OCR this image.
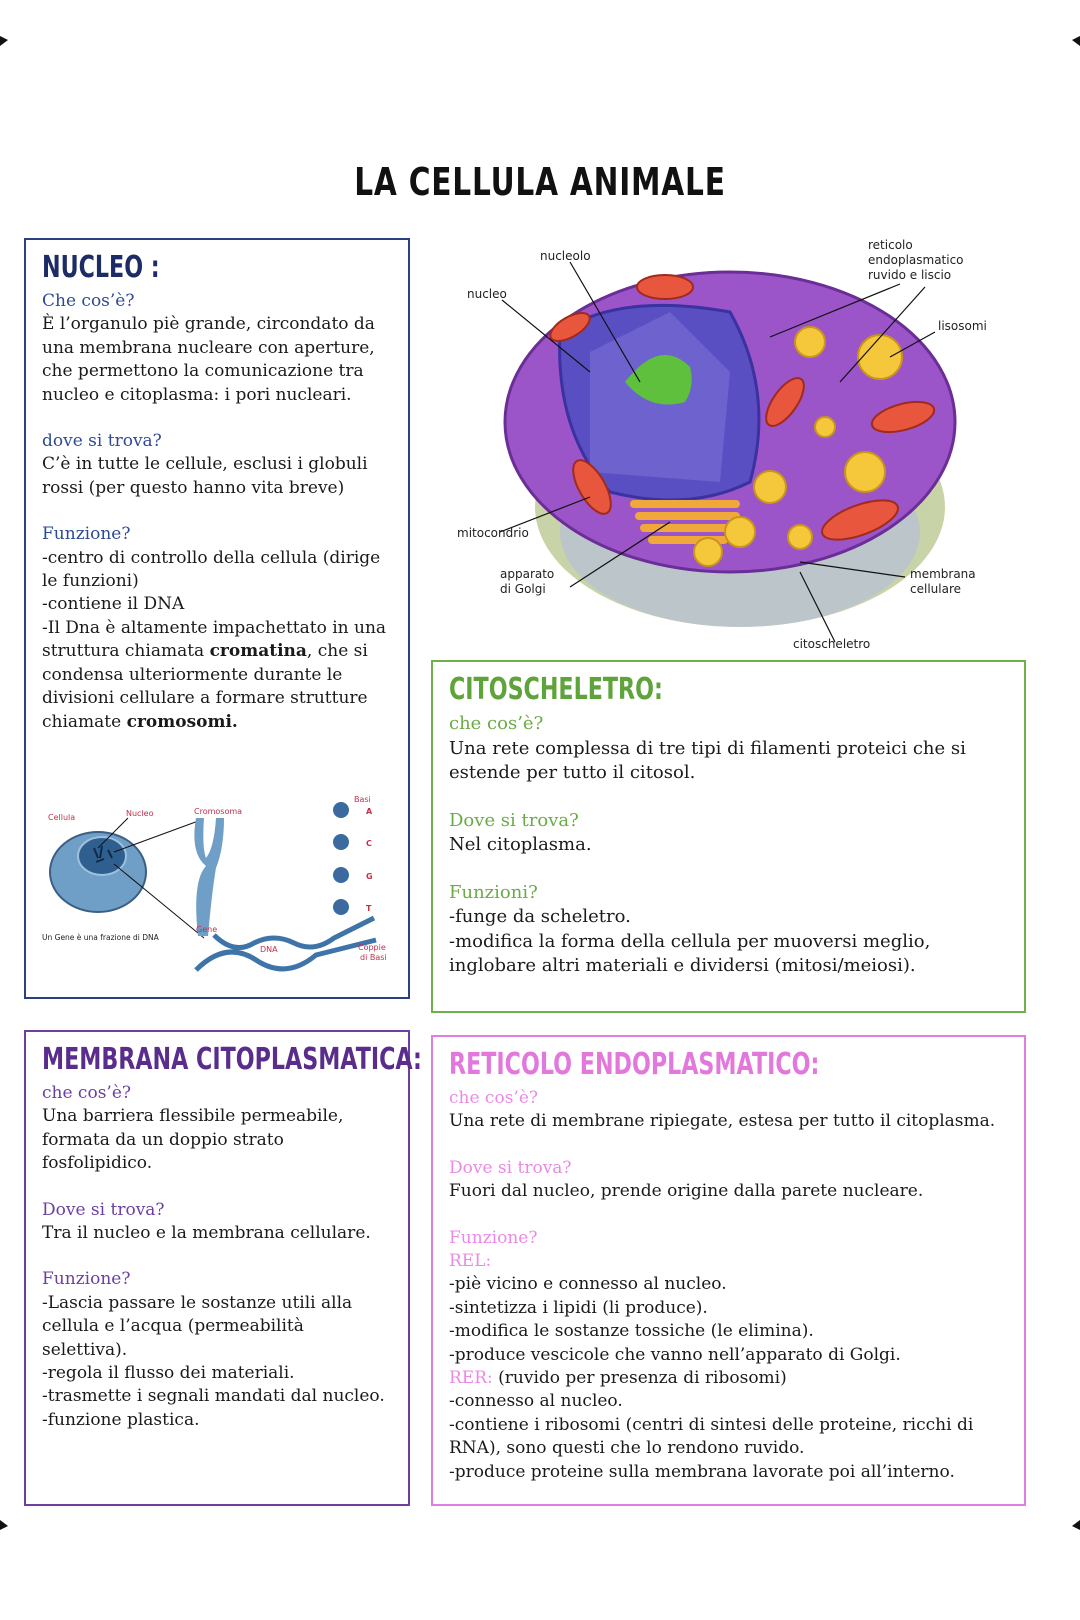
LA CELLULA ANIMALE
NUCLEO :
Che cos’è?
È l’organulo piè grande, circondato da una membrana nucleare con aperture, che permettono la comunicazione tra nucleo e citoplasma: i pori nucleari.
dove si trova?
C’è in tutte le cellule, esclusi i globuli rossi (per questo hanno vita breve)
Funzione?
-centro di controllo della cellula (dirige le funzioni)
-contiene il DNA
-Il Dna è altamente impachettato in una struttura chiamata cromatina, che si condensa ulteriormente durante le divisioni cellulare a formare strutture chiamate cromosomi.
Cellula	Nucleo	Cromosoma
Basi
A
C
G
T
Un Gene è una frazione di DNA
Gene
DNA	Coppie
di Basi
nucleolo
nucleo
reticolo
endoplasmatico
ruvido e liscio
lisosomi
mitocondrio
apparato
di Golgi
membrana
cellulare
citoscheletro
CITOSCHELETRO:
che cos’è?
Una rete complessa di tre tipi di filamenti proteici che si estende per tutto il citosol.
Dove si trova?
Nel citoplasma.
Funzioni?
-funge da scheletro.
-modifica la forma della cellula per muoversi meglio, inglobare altri materiali e dividersi (mitosi/meiosi).
MEMBRANA CITOPLASMATICA:
che cos’è?
Una barriera flessibile permeabile, formata da un doppio strato fosfolipidico.
Dove si trova?
Tra il nucleo e la membrana cellulare.
Funzione?
-Lascia passare le sostanze utili alla cellula e l’acqua (permeabilità selettiva).
-regola il flusso dei materiali.
-trasmette i segnali mandati dal nucleo.
-funzione plastica.
RETICOLO ENDOPLASMATICO:
che cos’è?
Una rete di membrane ripiegate, estesa per tutto il citoplasma.
Dove si trova?
Fuori dal nucleo, prende origine dalla parete nucleare.
Funzione?
REL:
-piè vicino e connesso al nucleo.
-sintetizza i lipidi (li produce).
-modifica le sostanze tossiche (le elimina).
-produce vescicole che vanno nell’apparato di Golgi.
RER: (ruvido per presenza di ribosomi)
-connesso al nucleo.
-contiene i ribosomi (centri di sintesi delle proteine, ricchi di RNA), sono questi che lo rendono ruvido.
-produce proteine sulla membrana lavorate poi all’interno.
